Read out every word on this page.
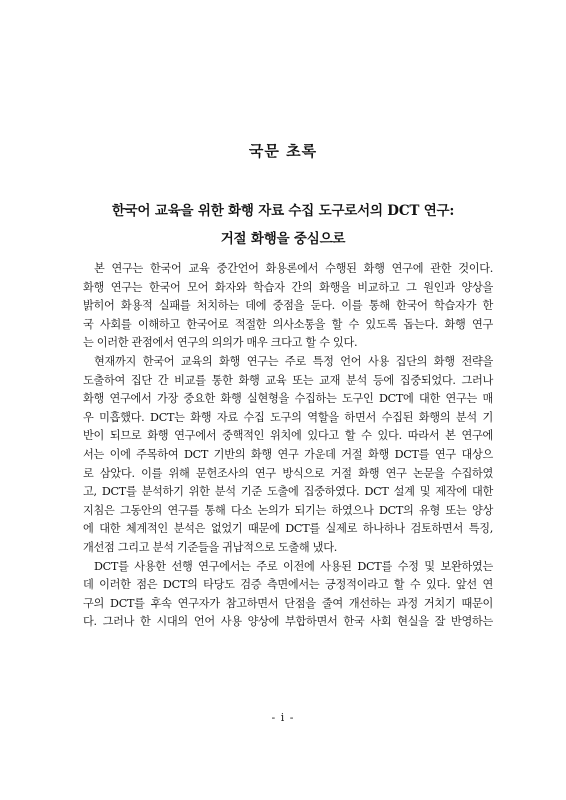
국문 초록
한국어 교육을 위한 화행 자료 수집 도구로서의 DCT 연구:
거절 화행을 중심으로
본 연구는 한국어 교육 중간언어 화용론에서 수행된 화행 연구에 관한 것이다.
화행 연구는 한국어 모어 화자와 학습자 간의 화행을 비교하고 그 원인과 양상을
밝히어 화용적 실패를 처치하는 데에 중점을 둔다. 이를 통해 한국어 학습자가 한
국 사회를 이해하고 한국어로 적절한 의사소통을 할 수 있도록 돕는다. 화행 연구
는 이러한 관점에서 연구의 의의가 매우 크다고 할 수 있다.
현재까지 한국어 교육의 화행 연구는 주로 특정 언어 사용 집단의 화행 전략을
도출하여 집단 간 비교를 통한 화행 교육 또는 교재 분석 등에 집중되었다. 그러나
화행 연구에서 가장 중요한 화행 실현형을 수집하는 도구인 DCT에 대한 연구는 매
우 미흡했다. DCT는 화행 자료 수집 도구의 역할을 하면서 수집된 화행의 분석 기
반이 되므로 화행 연구에서 중핵적인 위치에 있다고 할 수 있다. 따라서 본 연구에
서는 이에 주목하여 DCT 기반의 화행 연구 가운데 거절 화행 DCT를 연구 대상으
로 삼았다. 이를 위해 문헌조사의 연구 방식으로 거절 화행 연구 논문을 수집하였
고, DCT를 분석하기 위한 분석 기준 도출에 집중하였다. DCT 설계 및 제작에 대한
지침은 그동안의 연구를 통해 다소 논의가 되기는 하였으나 DCT의 유형 또는 양상
에 대한 체계적인 분석은 없었기 때문에 DCT를 실제로 하나하나 검토하면서 특징,
개선점 그리고 분석 기준들을 귀납적으로 도출해 냈다.
DCT를 사용한 선행 연구에서는 주로 이전에 사용된 DCT를 수정 및 보완하였는
데 이러한 점은 DCT의 타당도 검증 측면에서는 긍정적이라고 할 수 있다. 앞선 연
구의 DCT를 후속 연구자가 참고하면서 단점을 줄여 개선하는 과정 거치기 때문이
다. 그러나 한 시대의 언어 사용 양상에 부합하면서 한국 사회 현실을 잘 반영하는
- i -
